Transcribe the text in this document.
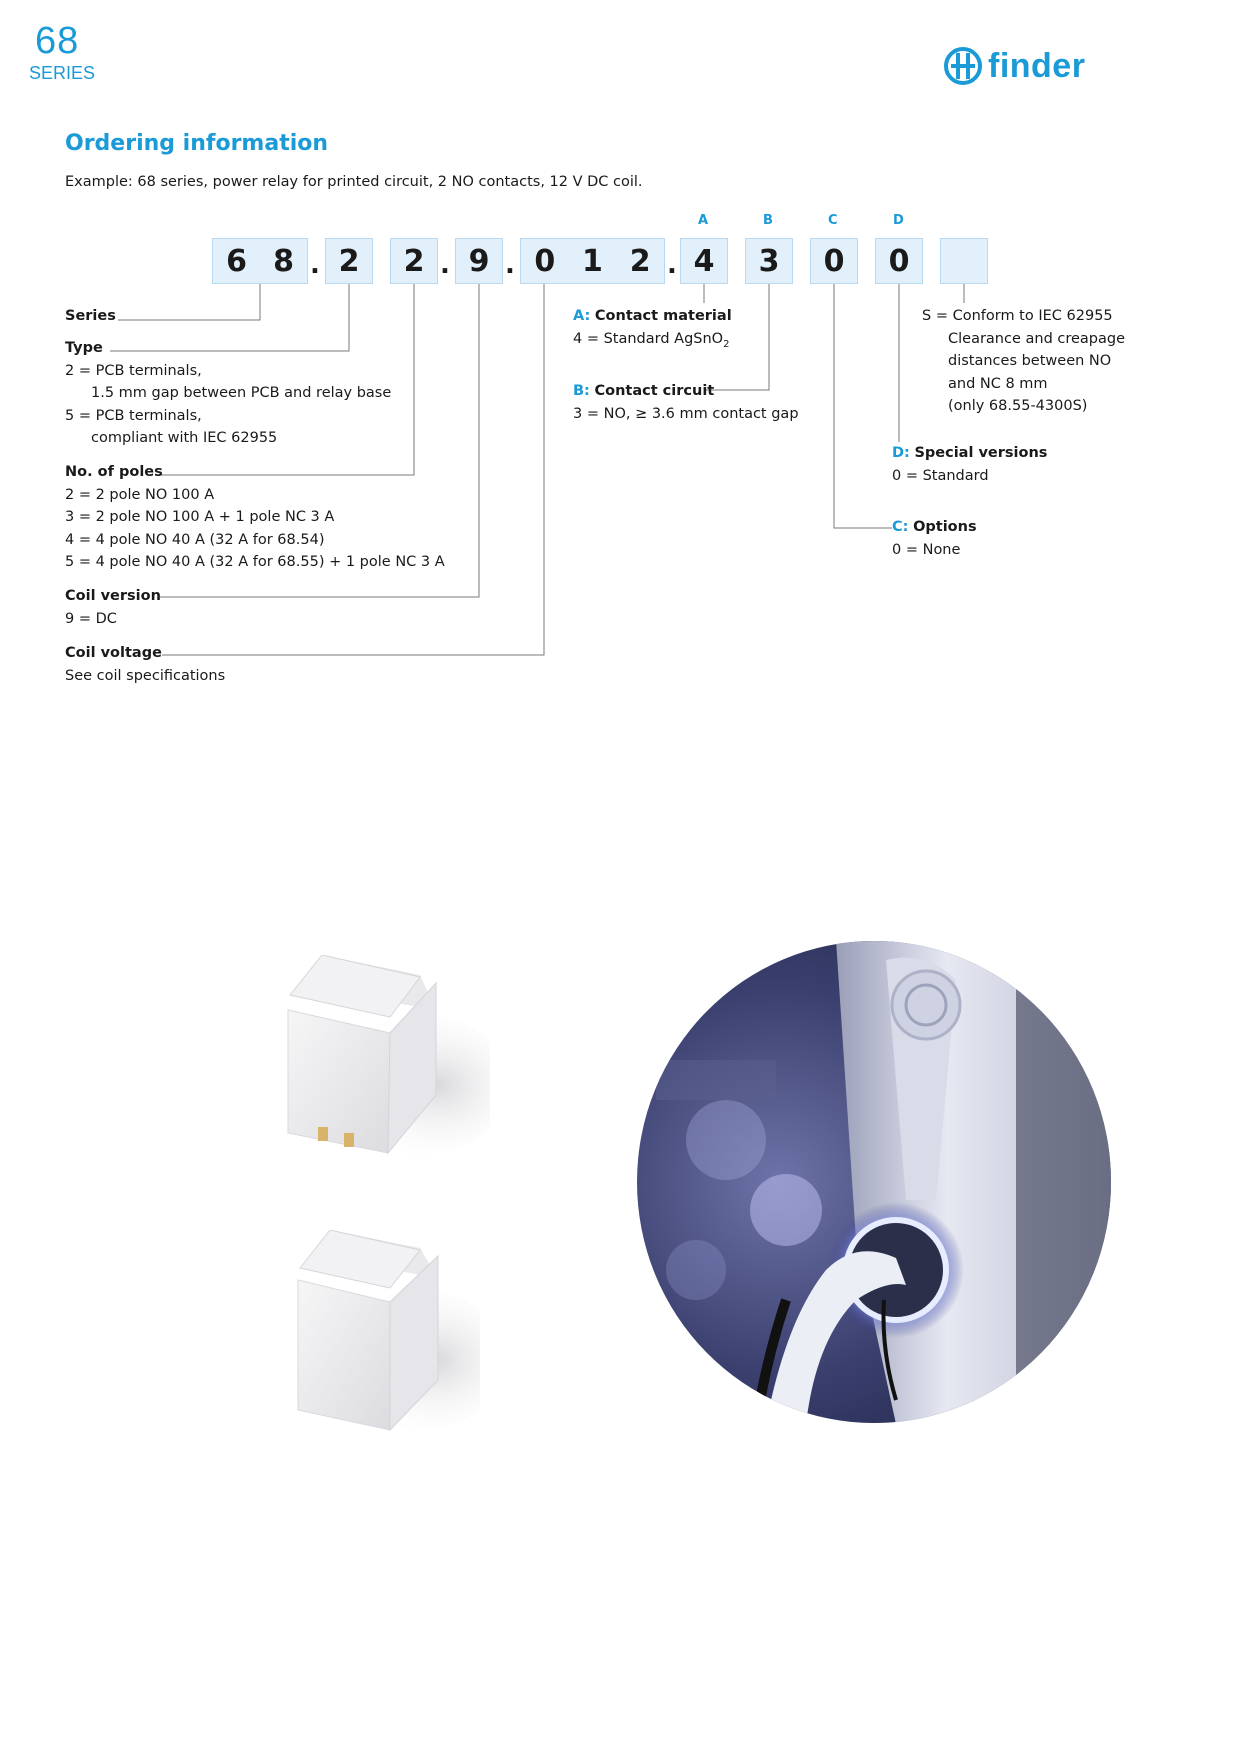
68
SERIES	finder
Ordering information
Example: 68 series, power relay for printed circuit, 2 NO contacts, 12 V DC coil.
A	B	C	D
6 8 . 2 2 . 9 . 0 1 2 . 4 3 0 0
Series
Type
2 = PCB terminals,
1.5 mm gap between PCB and relay base
5 = PCB terminals,
compliant with IEC 62955
No. of poles
2 = 2 pole NO 100 A
3 = 2 pole NO 100 A + 1 pole NC 3 A
4 = 4 pole NO 40 A (32 A for 68.54)
5 = 4 pole NO 40 A (32 A for 68.55) + 1 pole NC 3 A
Coil version
9 = DC
Coil voltage
See coil specifications
A: Contact material
4 = Standard AgSnO$_2$
B: Contact circuit
3 = NO, ≥ 3.6 mm contact gap
S = Conform to IEC 62955
Clearance and creapage
distances between NO
and NC 8 mm
(only 68.55-4300S)
D: Special versions
0 = Standard
C: Options
0 = None
